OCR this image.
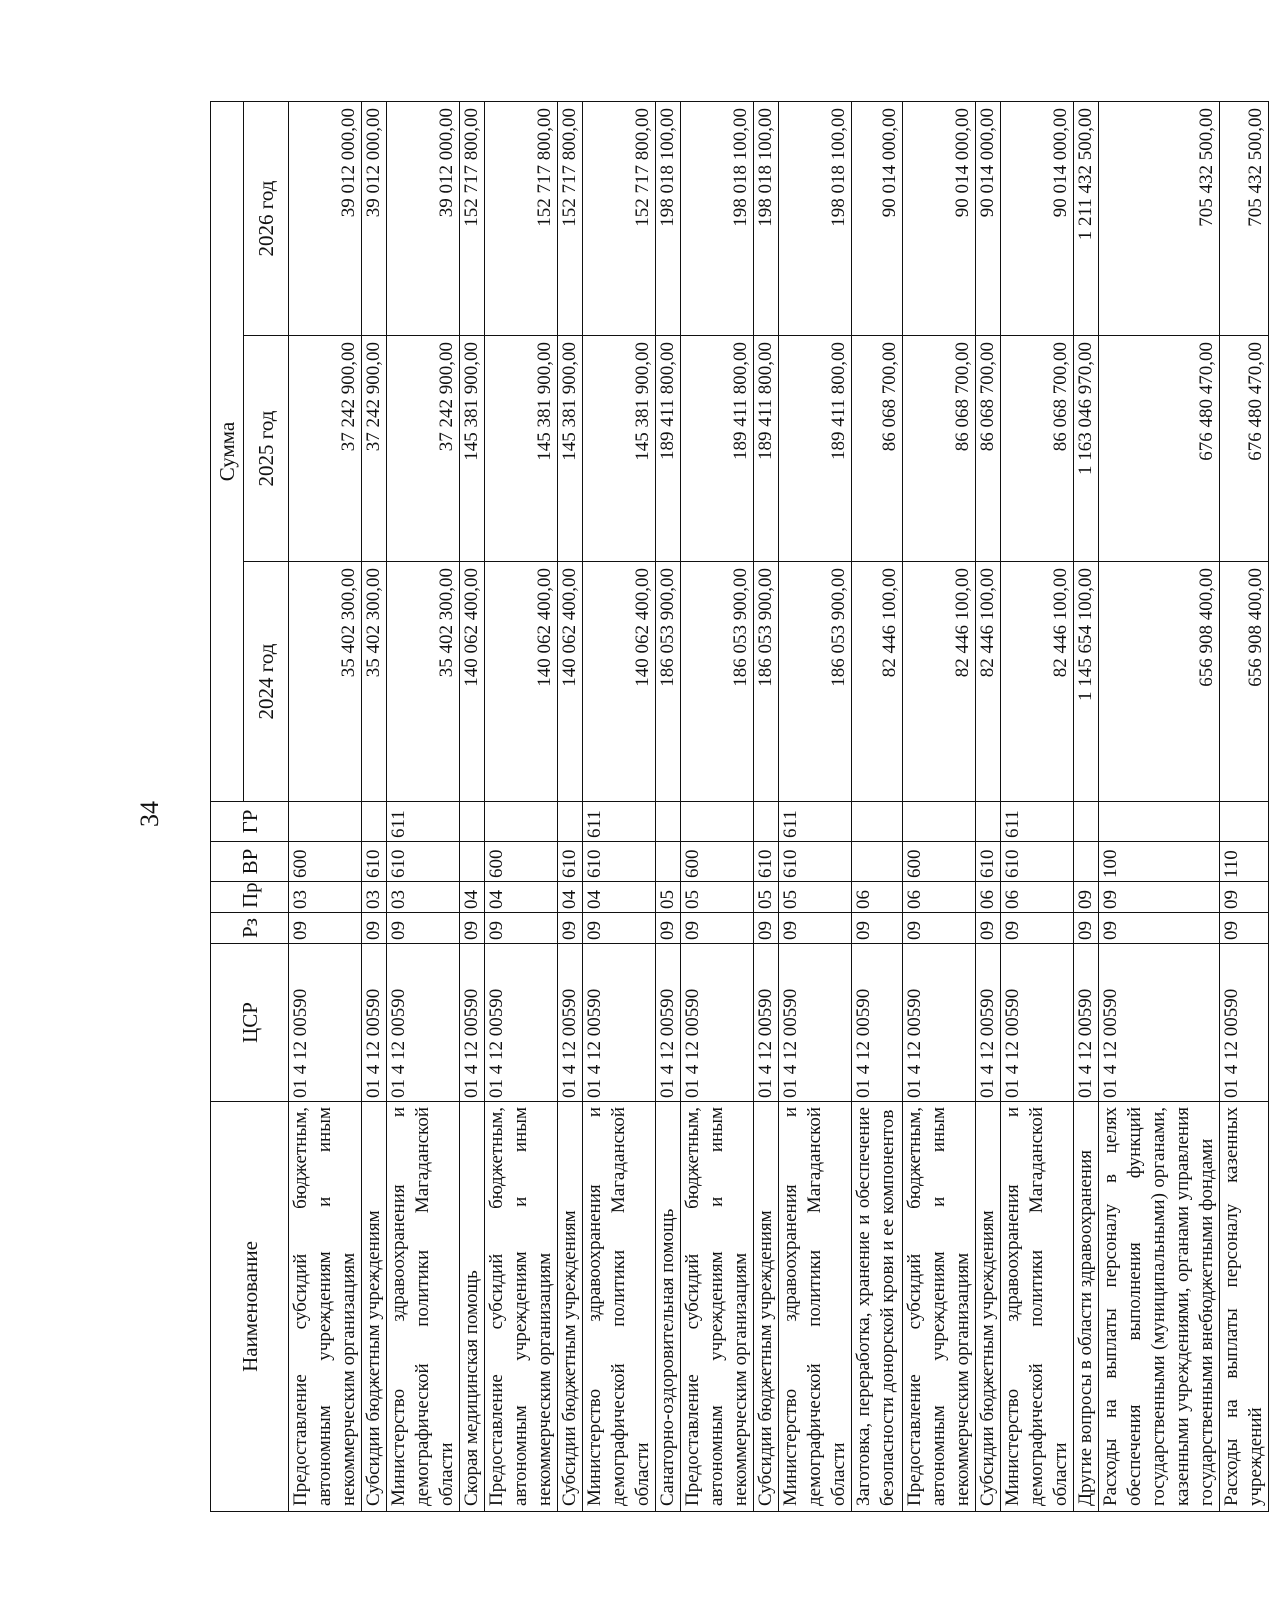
34
Наименование	ЦСР	Рз	Пр	ВР	ГР	Сумма		
						2024 год	2025 год	2026 год
Предоставление субсидий бюджетным, автономным учреждениям и иным некоммерческим организациям	01 4 12 00590	09	03	600		35 402 300,00	37 242 900,00	39 012 000,00
Субсидии бюджетным учреждениям	01 4 12 00590	09	03	610		35 402 300,00	37 242 900,00	39 012 000,00
Министерство здравоохранения и демографической политики Магаданской области	01 4 12 00590	09	03	610	611	35 402 300,00	37 242 900,00	39 012 000,00
Скорая медицинская помощь	01 4 12 00590	09	04			140 062 400,00	145 381 900,00	152 717 800,00
Предоставление субсидий бюджетным, автономным учреждениям и иным некоммерческим организациям	01 4 12 00590	09	04	600		140 062 400,00	145 381 900,00	152 717 800,00
Субсидии бюджетным учреждениям	01 4 12 00590	09	04	610		140 062 400,00	145 381 900,00	152 717 800,00
Министерство здравоохранения и демографической политики Магаданской области	01 4 12 00590	09	04	610	611	140 062 400,00	145 381 900,00	152 717 800,00
Санаторно-оздоровительная помощь	01 4 12 00590	09	05			186 053 900,00	189 411 800,00	198 018 100,00
Предоставление субсидий бюджетным, автономным учреждениям и иным некоммерческим организациям	01 4 12 00590	09	05	600		186 053 900,00	189 411 800,00	198 018 100,00
Субсидии бюджетным учреждениям	01 4 12 00590	09	05	610		186 053 900,00	189 411 800,00	198 018 100,00
Министерство здравоохранения и демографической политики Магаданской области	01 4 12 00590	09	05	610	611	186 053 900,00	189 411 800,00	198 018 100,00
Заготовка, переработка, хранение и обеспечение безопасности донорской крови и ее компонентов	01 4 12 00590	09	06			82 446 100,00	86 068 700,00	90 014 000,00
Предоставление субсидий бюджетным, автономным учреждениям и иным некоммерческим организациям	01 4 12 00590	09	06	600		82 446 100,00	86 068 700,00	90 014 000,00
Субсидии бюджетным учреждениям	01 4 12 00590	09	06	610		82 446 100,00	86 068 700,00	90 014 000,00
Министерство здравоохранения и демографической политики Магаданской области	01 4 12 00590	09	06	610	611	82 446 100,00	86 068 700,00	90 014 000,00
Другие вопросы в области здравоохранения	01 4 12 00590	09	09			1 145 654 100,00	1 163 046 970,00	1 211 432 500,00
Расходы на выплаты персоналу в целях обеспечения выполнения функций государственными (муниципальными) органами, казенными учреждениями, органами управления государственными внебюджетными фондами	01 4 12 00590	09	09	100		656 908 400,00	676 480 470,00	705 432 500,00
Расходы на выплаты персоналу казенных учреждений	01 4 12 00590	09	09	110		656 908 400,00	676 480 470,00	705 432 500,00
